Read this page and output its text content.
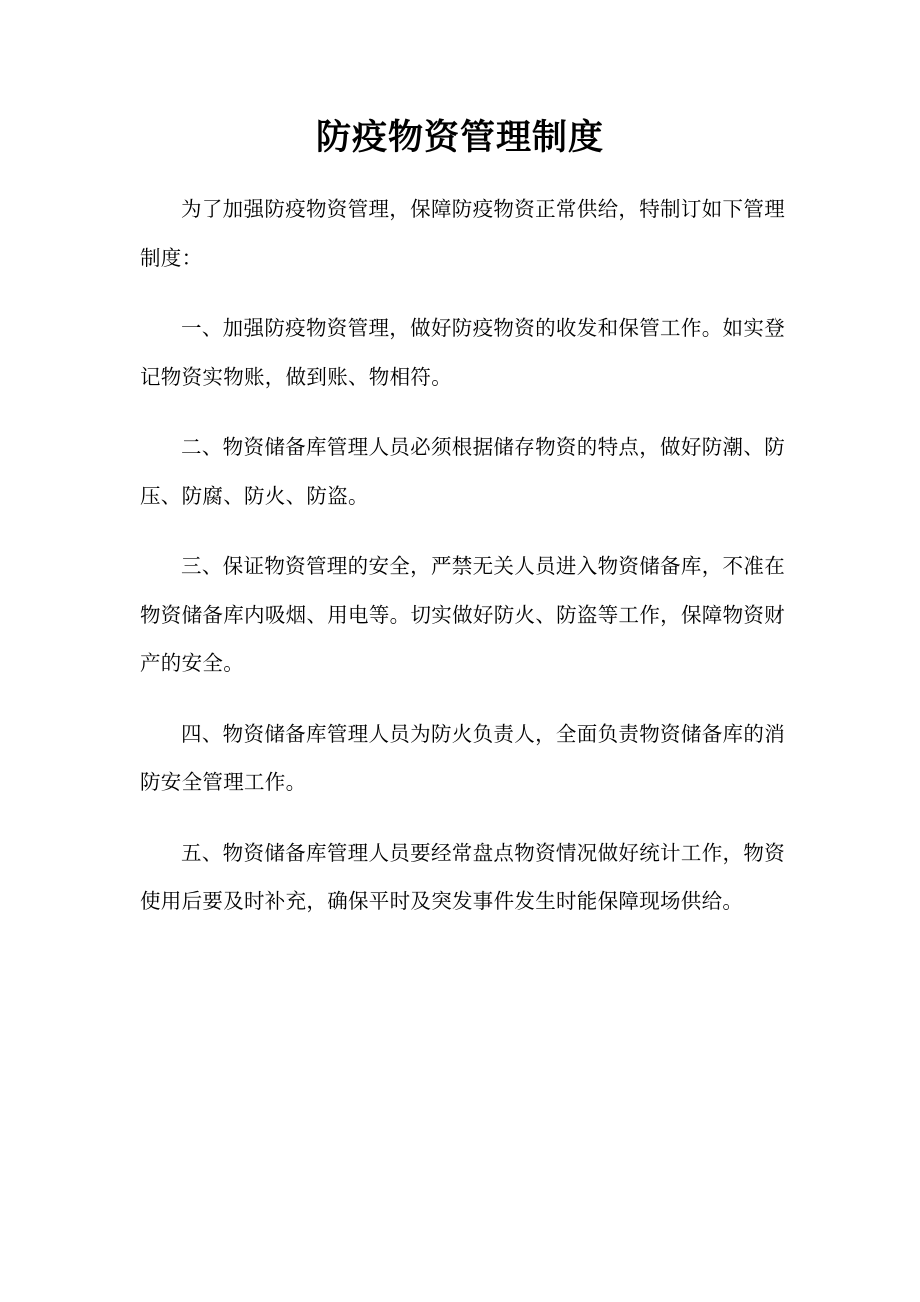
防疫物资管理制度

为了加强防疫物资管理，保障防疫物资正常供给，特制订如下管理制度：

一、加强防疫物资管理，做好防疫物资的收发和保管工作。如实登记物资实物账，做到账、物相符。

二、物资储备库管理人员必须根据储存物资的特点，做好防潮、防压、防腐、防火、防盗。

三、保证物资管理的安全，严禁无关人员进入物资储备库，不准在物资储备库内吸烟、用电等。切实做好防火、防盗等工作，保障物资财产的安全。

四、物资储备库管理人员为防火负责人，全面负责物资储备库的消防安全管理工作。

五、物资储备库管理人员要经常盘点物资情况做好统计工作，物资使用后要及时补充，确保平时及突发事件发生时能保障现场供给。
